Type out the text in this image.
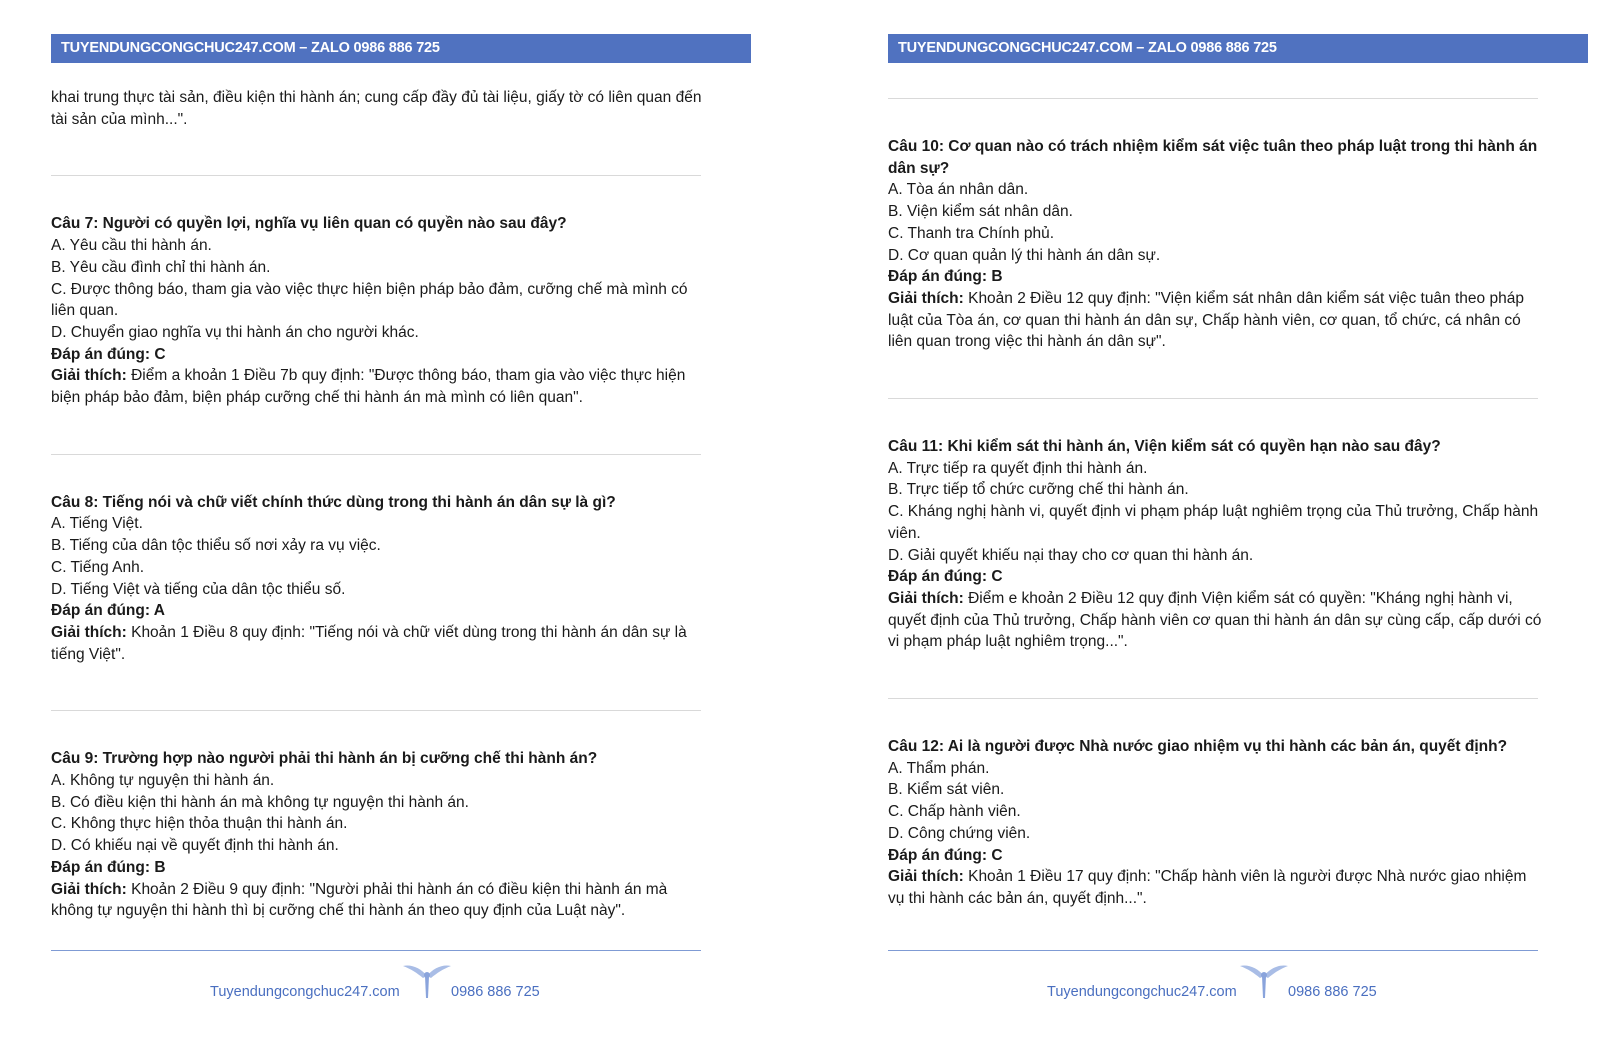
TUYENDUNGCONGCHUC247.COM – ZALO 0986 886 725

khai trung thực tài sản, điều kiện thi hành án; cung cấp đầy đủ tài liệu, giấy tờ có liên quan đến tài sản của mình...".

Câu 7: Người có quyền lợi, nghĩa vụ liên quan có quyền nào sau đây?

A. Yêu cầu thi hành án.

B. Yêu cầu đình chỉ thi hành án.

C. Được thông báo, tham gia vào việc thực hiện biện pháp bảo đảm, cưỡng chế mà mình có liên quan.

D. Chuyển giao nghĩa vụ thi hành án cho người khác.

Đáp án đúng: C

Giải thích: Điểm a khoản 1 Điều 7b quy định: "Được thông báo, tham gia vào việc thực hiện biện pháp bảo đảm, biện pháp cưỡng chế thi hành án mà mình có liên quan".

Câu 8: Tiếng nói và chữ viết chính thức dùng trong thi hành án dân sự là gì?

A. Tiếng Việt.

B. Tiếng của dân tộc thiểu số nơi xảy ra vụ việc.

C. Tiếng Anh.

D. Tiếng Việt và tiếng của dân tộc thiểu số.

Đáp án đúng: A

Giải thích: Khoản 1 Điều 8 quy định: "Tiếng nói và chữ viết dùng trong thi hành án dân sự là tiếng Việt".

Câu 9: Trường hợp nào người phải thi hành án bị cưỡng chế thi hành án?

A. Không tự nguyện thi hành án.

B. Có điều kiện thi hành án mà không tự nguyện thi hành án.

C. Không thực hiện thỏa thuận thi hành án.

D. Có khiếu nại về quyết định thi hành án.

Đáp án đúng: B

Giải thích: Khoản 2 Điều 9 quy định: "Người phải thi hành án có điều kiện thi hành án mà không tự nguyện thi hành thì bị cưỡng chế thi hành án theo quy định của Luật này".

Tuyendungcongchuc247.com	0986 886 725
TUYENDUNGCONGCHUC247.COM – ZALO 0986 886 725

Câu 10: Cơ quan nào có trách nhiệm kiểm sát việc tuân theo pháp luật trong thi hành án dân sự?

A. Tòa án nhân dân.

B. Viện kiểm sát nhân dân.

C. Thanh tra Chính phủ.

D. Cơ quan quản lý thi hành án dân sự.

Đáp án đúng: B

Giải thích: Khoản 2 Điều 12 quy định: "Viện kiểm sát nhân dân kiểm sát việc tuân theo pháp luật của Tòa án, cơ quan thi hành án dân sự, Chấp hành viên, cơ quan, tổ chức, cá nhân có liên quan trong việc thi hành án dân sự".

Câu 11: Khi kiểm sát thi hành án, Viện kiểm sát có quyền hạn nào sau đây?

A. Trực tiếp ra quyết định thi hành án.

B. Trực tiếp tổ chức cưỡng chế thi hành án.

C. Kháng nghị hành vi, quyết định vi phạm pháp luật nghiêm trọng của Thủ trưởng, Chấp hành viên.

D. Giải quyết khiếu nại thay cho cơ quan thi hành án.

Đáp án đúng: C

Giải thích: Điểm e khoản 2 Điều 12 quy định Viện kiểm sát có quyền: "Kháng nghị hành vi, quyết định của Thủ trưởng, Chấp hành viên cơ quan thi hành án dân sự cùng cấp, cấp dưới có vi phạm pháp luật nghiêm trọng...".

Câu 12: Ai là người được Nhà nước giao nhiệm vụ thi hành các bản án, quyết định?

A. Thẩm phán.

B. Kiểm sát viên.

C. Chấp hành viên.

D. Công chứng viên.

Đáp án đúng: C

Giải thích: Khoản 1 Điều 17 quy định: "Chấp hành viên là người được Nhà nước giao nhiệm vụ thi hành các bản án, quyết định...".

Tuyendungcongchuc247.com	0986 886 725
